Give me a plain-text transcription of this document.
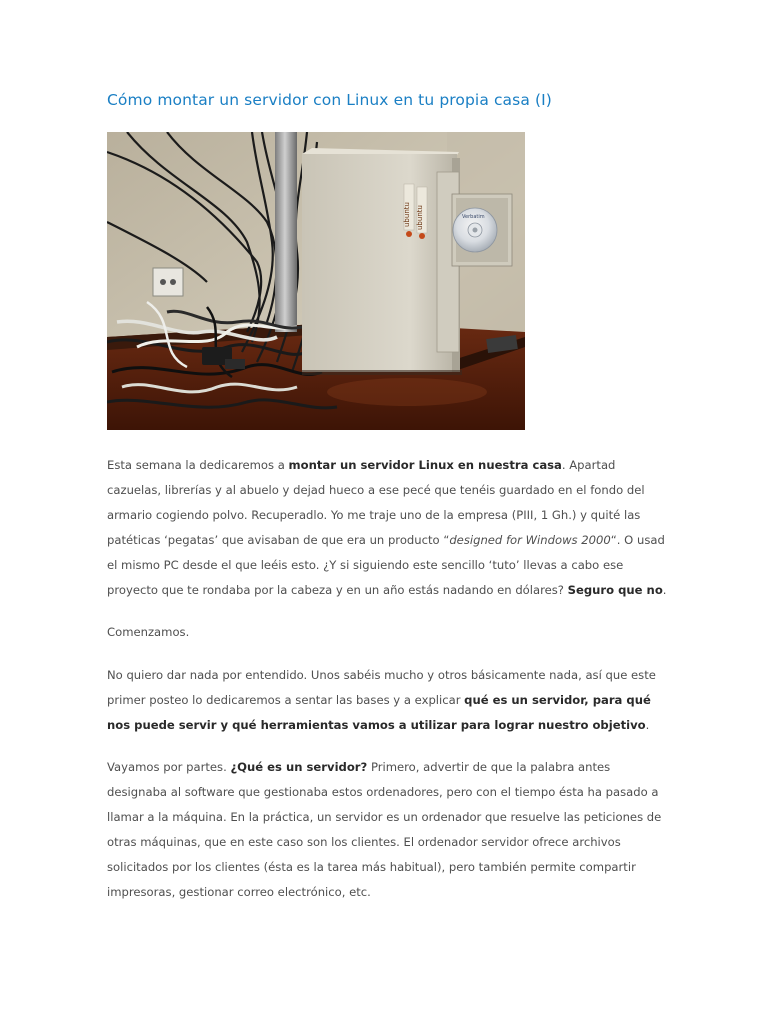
Cómo montar un servidor con Linux en tu propia casa (I)
ubuntu ubuntu	Verbatim

Esta semana la dedicaremos a montar un servidor Linux en nuestra casa. Apartad cazuelas, librerías y al abuelo y dejad hueco a ese pecé que tenéis guardado en el fondo del armario cogiendo polvo. Recuperadlo. Yo me traje uno de la empresa (PIII, 1 Gh.) y quité las patéticas ‘pegatas’ que avisaban de que era un producto “designed for Windows 2000“. O usad el mismo PC desde el que leéis esto. ¿Y si siguiendo este sencillo ‘tuto’ llevas a cabo ese proyecto que te rondaba por la cabeza y en un año estás nadando en dólares? Seguro que no.

Comenzamos.

No quiero dar nada por entendido. Unos sabéis mucho y otros básicamente nada, así que este primer posteo lo dedicaremos a sentar las bases y a explicar qué es un servidor, para qué nos puede servir y qué herramientas vamos a utilizar para lograr nuestro objetivo.

Vayamos por partes. ¿Qué es un servidor? Primero, advertir de que la palabra antes designaba al software que gestionaba estos ordenadores, pero con el tiempo ésta ha pasado a llamar a la máquina. En la práctica, un servidor es un ordenador que resuelve las peticiones de otras máquinas, que en este caso son los clientes. El ordenador servidor ofrece archivos solicitados por los clientes (ésta es la tarea más habitual), pero también permite compartir impresoras, gestionar correo electrónico, etc.
